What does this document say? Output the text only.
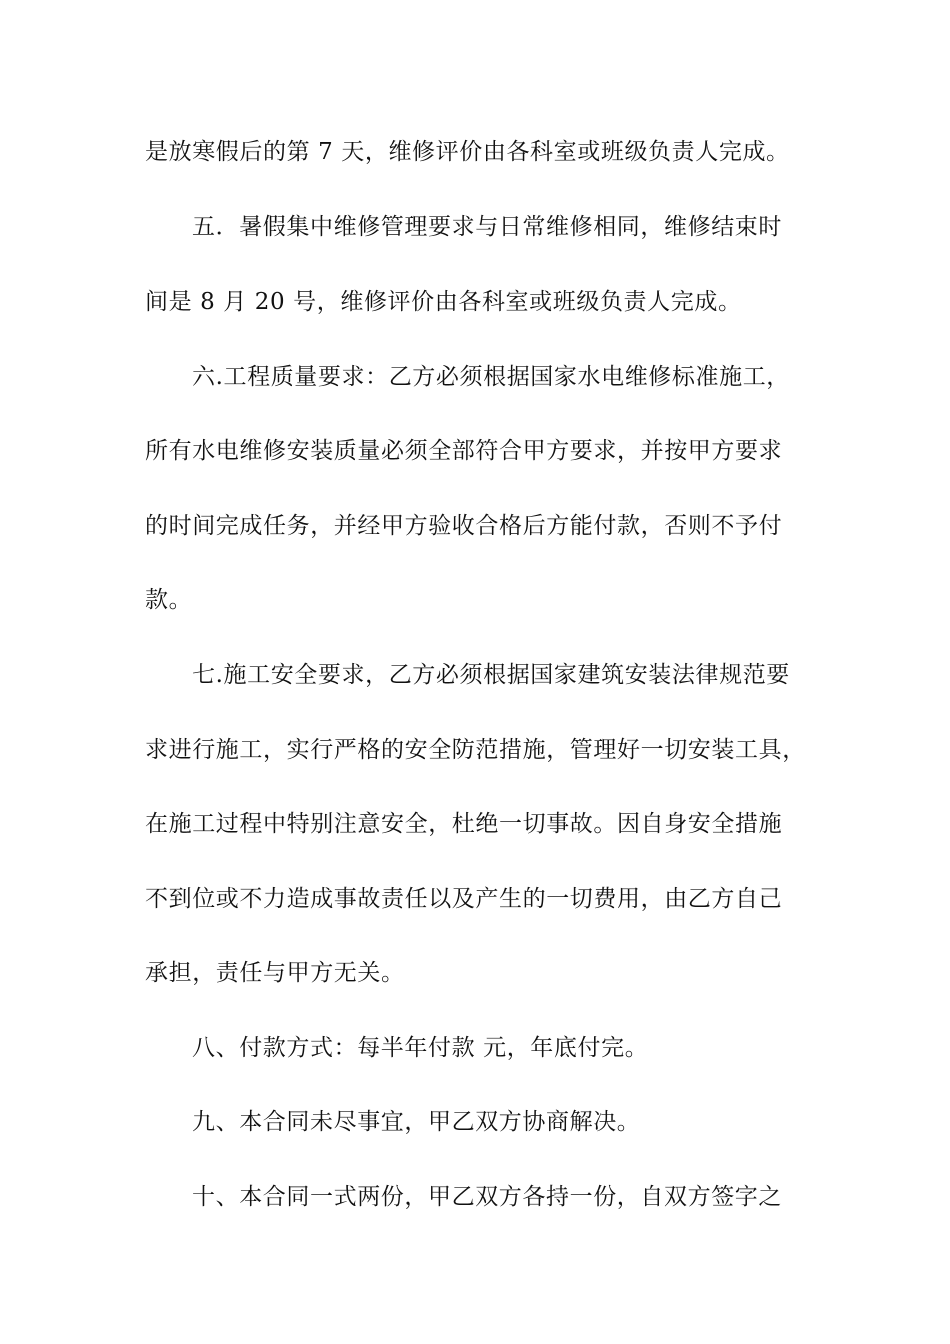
是放寒假后的第 7 天，维修评价由各科室或班级负责人完成。
五．暑假集中维修管理要求与日常维修相同，维修结束时
间是 8 月 20 号，维修评价由各科室或班级负责人完成。
六.工程质量要求：乙方必须根据国家水电维修标准施工，
所有水电维修安装质量必须全部符合甲方要求，并按甲方要求
的时间完成任务，并经甲方验收合格后方能付款，否则不予付
款。
七.施工安全要求，乙方必须根据国家建筑安装法律规范要
求进行施工，实行严格的安全防范措施，管理好一切安装工具，
在施工过程中特别注意安全，杜绝一切事故。因自身安全措施
不到位或不力造成事故责任以及产生的一切费用，由乙方自己
承担，责任与甲方无关。
八、付款方式：每半年付款 元，年底付完。
九、本合同未尽事宜，甲乙双方协商解决。
十、本合同一式两份，甲乙双方各持一份，自双方签字之
